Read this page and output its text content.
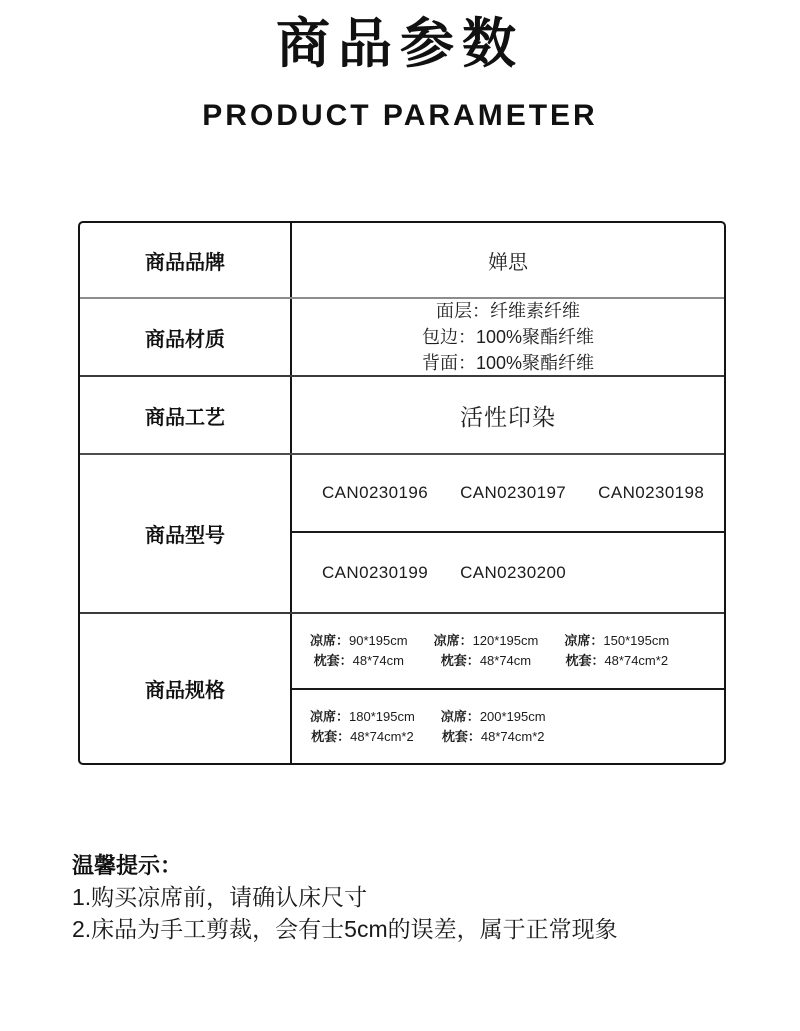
商品参数
PRODUCT PARAMETER
商品品牌	婵思
商品材质
面层：纤维素纤维
包边：100%聚酯纤维
背面：100%聚酯纤维
商品工艺	活性印染
商品型号
CAN0230196 CAN0230197 CAN0230198
CAN0230199 CAN0230200
商品规格
凉席：90*195cm
枕套：48*74cm
凉席：120*195cm
枕套：48*74cm
凉席：150*195cm
枕套：48*74cm*2
凉席：180*195cm
枕套：48*74cm*2
凉席：200*195cm
枕套：48*74cm*2
温馨提示：
1.购买凉席前，请确认床尺寸
2.床品为手工剪裁，会有士5cm的误差，属于正常现象
